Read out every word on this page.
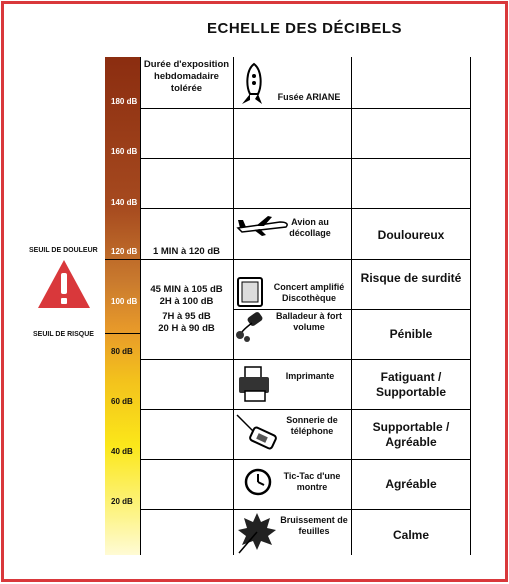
ECHELLE DES DÉCIBELS
180 dB
160 dB
140 dB
120 dB
100 dB
80 dB
60 dB
40 dB
20 dB
SEUIL DE DOULEUR
SEUIL DE RISQUE
Durée d'exposition hebdomadaire tolérée
1 MIN à 120 dB
45 MIN à 105 dB
2H à 100 dB
7H à 95 dB
20 H à 90 dB
Fusée ARIANE
Avion au décollage
Concert amplifié Discothèque
Balladeur à fort volume
Imprimante
Sonnerie de téléphone
Tic-Tac d'une montre
Bruissement de feuilles
Douloureux
Risque de surdité
Pénible
Fatiguant / Supportable
Supportable / Agréable
Agréable
Calme
